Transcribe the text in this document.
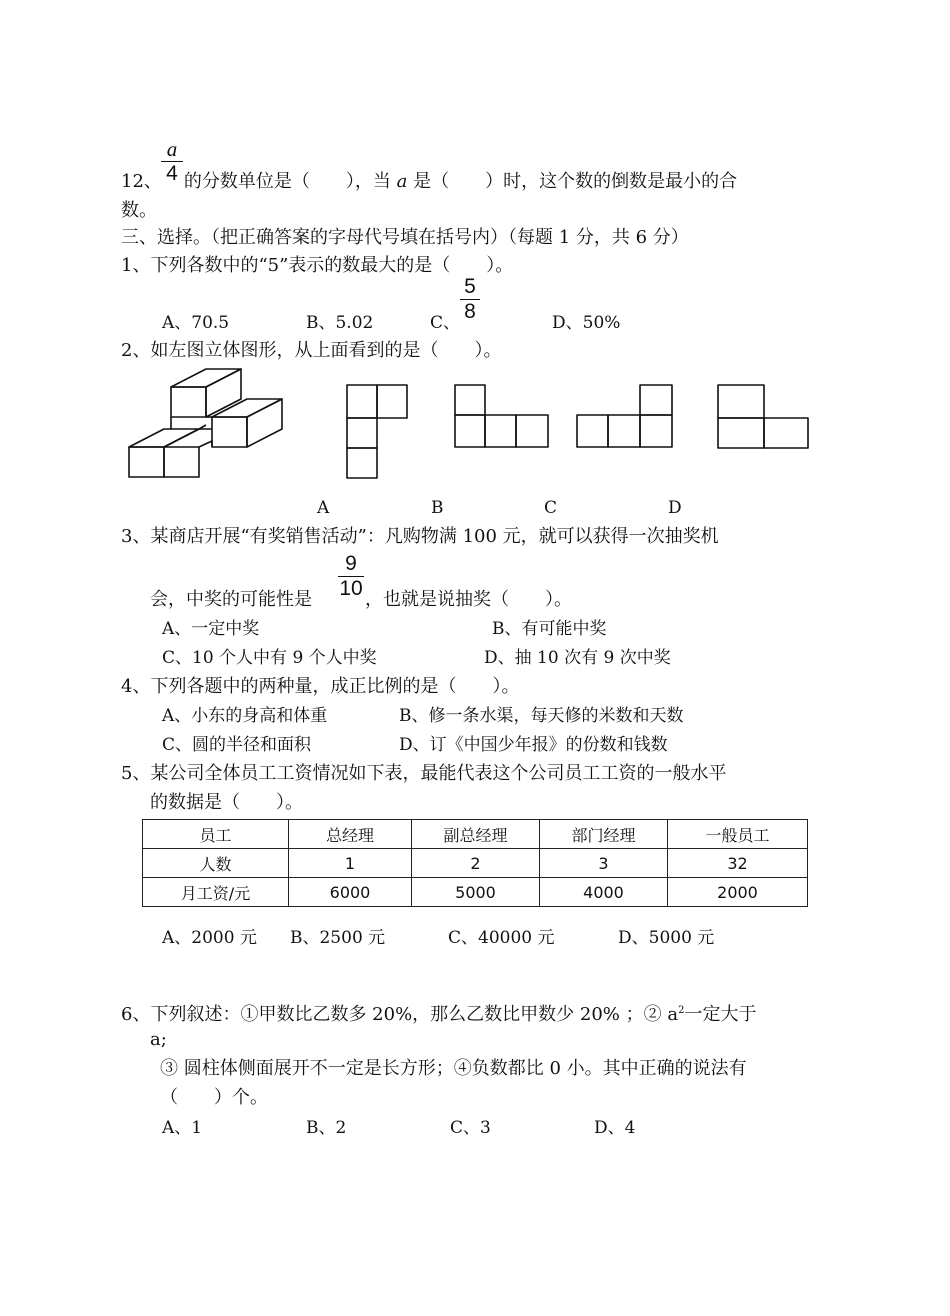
a
4
12、 的分数单位是（　　），当 a 是（　　）时，这个数的倒数是最小的合
数。
三、选择。（把正确答案的字母代号填在括号内）（每题 1 分，共 6 分）
1、下列各数中的“5”表示的数最大的是（　　）。
A、70.5	B、5.02	C、
5
8	D、50%
2、如左图立体图形，从上面看到的是（　　）。
A	B	C	D
3、某商店开展“有奖销售活动”：凡购物满 100 元，就可以获得一次抽奖机
9
10
会，中奖的可能性是	，也就是说抽奖（　　）。
A、一定中奖	B、有可能中奖
C、10 个人中有 9 个人中奖	D、抽 10 次有 9 次中奖
4、下列各题中的两种量，成正比例的是（　　）。
A、小东的身高和体重	B、修一条水渠，每天修的米数和天数
C、圆的半径和面积	D、订《中国少年报》的份数和钱数
5、某公司全体员工工资情况如下表，最能代表这个公司员工工资的一般水平
的数据是（　　）。
员工	总经理	副总经理	部门经理	一般员工
人数	1	2	3	32
月工资/元	6000	5000	4000	2000
A、2000 元 B、2500 元	C、40000 元	D、5000 元
6、下列叙述：①甲数比乙数多 20%，那么乙数比甲数少 20% ；② $a^2$一定大于
a;
③ 圆柱体侧面展开不一定是长方形；④负数都比 0 小。其中正确的说法有
（　　）个。
A、1	B、2	C、3	D、4
